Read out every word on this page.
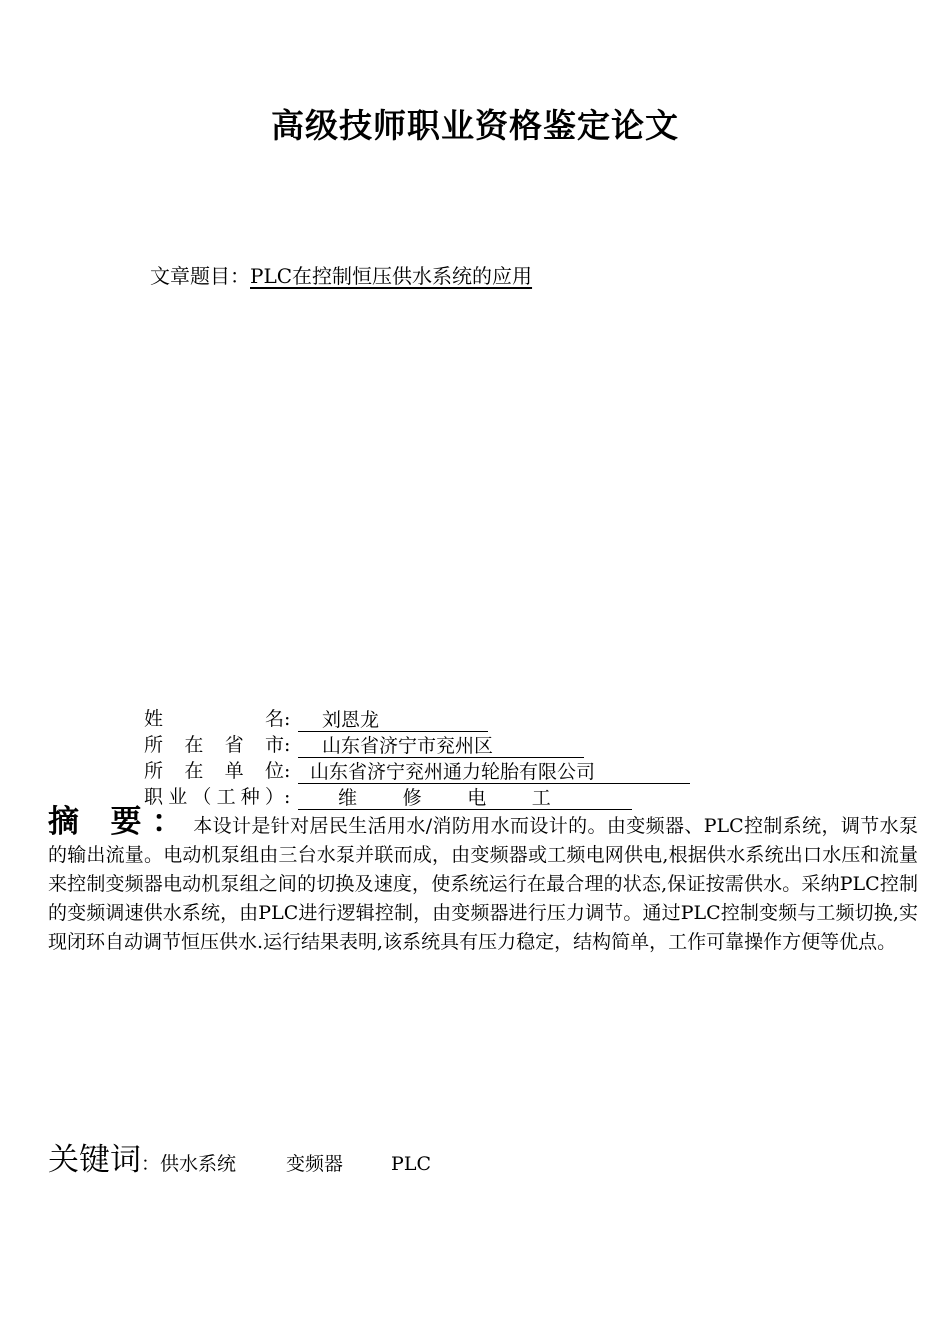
高级技师职业资格鉴定论文
文章题目：PLC在控制恒压供水系统的应用
姓名 :	刘恩龙
所在省市 :	山东省济宁市兖州区
所在单位 :	山东省济宁兖州通力轮胎有限公司
职业（工种） :	维修电工
摘 要：本设计是针对居民生活用水/消防用水而设计的。由变频器、PLC控制系统，调节水泵的输出流量。电动机泵组由三台水泵并联而成，由变频器或工频电网供电,根据供水系统出口水压和流量来控制变频器电动机泵组之间的切换及速度，使系统运行在最合理的状态,保证按需供水。采纳PLC控制的变频调速供水系统，由PLC进行逻辑控制，由变频器进行压力调节。通过PLC控制变频与工频切换,实现闭环自动调节恒压供水.运行结果表明,该系统具有压力稳定，结构简单，工作可靠操作方便等优点。
关键词：供水系统	变频器	PLC
